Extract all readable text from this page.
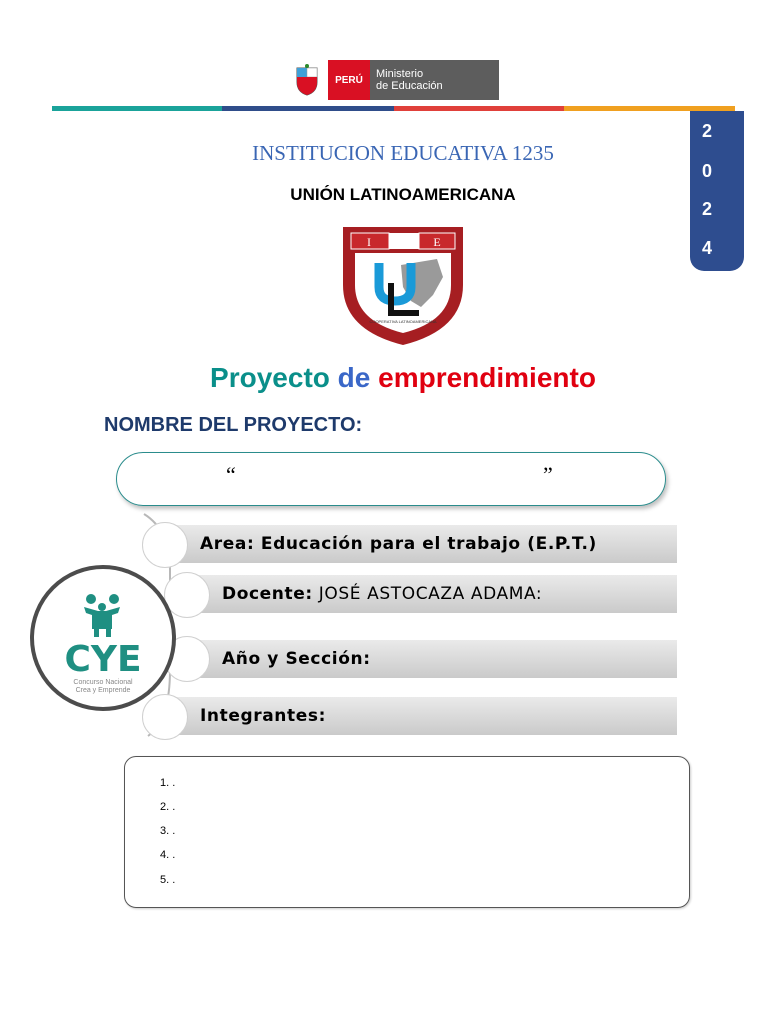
PERÚ	Ministerio
de Educación
2
0
2
4
INSTITUCION EDUCATIVA 1235
UNIÓN LATINOAMERICANA
I	E
COOPERATIVA LATINOAMERICANA
Proyecto de emprendimiento
NOMBRE DEL PROYECTO:
“	”
Area: Educación para el trabajo (E.P.T.)
Docente: JOSÉ ASTOCAZA ADAMA:
Año y Sección:
Integrantes:
CYE
Concurso Nacional
Crea y Emprende
1. .
2. .
3. .
4. .
5. .
